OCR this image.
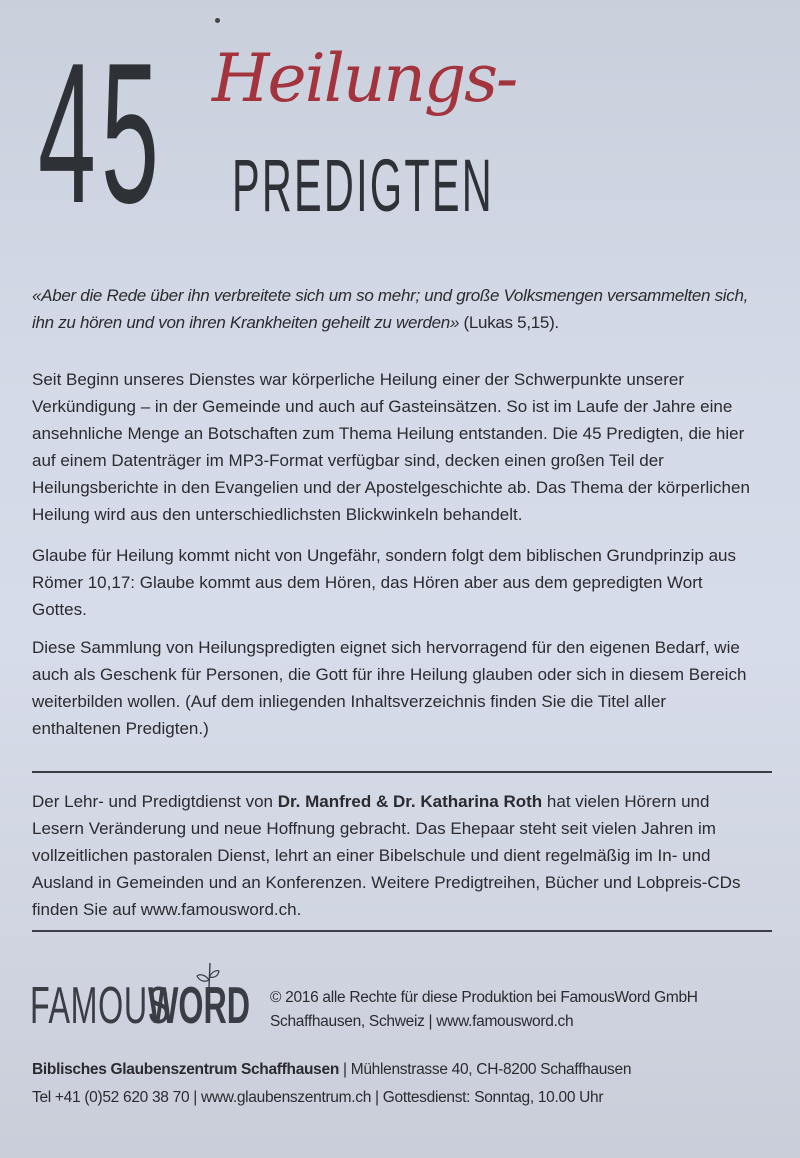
45 Heilungs-
PREDIGTEN
«Aber die Rede über ihn verbreitete sich um so mehr; und große Volksmengen versammelten sich, ihn zu hören und von ihren Krankheiten geheilt zu werden» (Lukas 5,15).
Seit Beginn unseres Dienstes war körperliche Heilung einer der Schwerpunkte unserer Verkündigung – in der Gemeinde und auch auf Gasteinsätzen. So ist im Laufe der Jahre eine ansehnliche Menge an Botschaften zum Thema Heilung entstanden. Die 45 Predigten, die hier auf einem Datenträger im MP3-Format verfügbar sind, decken einen großen Teil der Heilungsberichte in den Evangelien und der Apostelgeschichte ab. Das Thema der körperlichen Heilung wird aus den unterschiedlichsten Blickwinkeln behandelt.
Glaube für Heilung kommt nicht von Ungefähr, sondern folgt dem biblischen Grundprinzip aus Römer 10,17: Glaube kommt aus dem Hören, das Hören aber aus dem gepredigten Wort Gottes.
Diese Sammlung von Heilungspredigten eignet sich hervorragend für den eigenen Bedarf, wie auch als Geschenk für Personen, die Gott für ihre Heilung glauben oder sich in diesem Bereich weiterbilden wollen. (Auf dem inliegenden Inhaltsverzeichnis finden Sie die Titel aller enthaltenen Predigten.)
Der Lehr- und Predigtdienst von Dr. Manfred & Dr. Katharina Roth hat vielen Hörern und Lesern Veränderung und neue Hoffnung gebracht. Das Ehepaar steht seit vielen Jahren im vollzeitlichen pastoralen Dienst, lehrt an einer Bibelschule und dient regelmäßig im In- und Ausland in Gemeinden und an Konferenzen. Weitere Predigtreihen, Bücher und Lobpreis-CDs finden Sie auf www.famousword.ch.
FAMOUS
WORD © 2016 alle Rechte für diese Produktion bei FamousWord GmbH
Schaffhausen, Schweiz | www.famousword.ch
Biblisches Glaubenszentrum Schaffhausen | Mühlenstrasse 40, CH-8200 Schaffhausen
Tel +41 (0)52 620 38 70 | www.glaubenszentrum.ch | Gottesdienst: Sonntag, 10.00 Uhr
